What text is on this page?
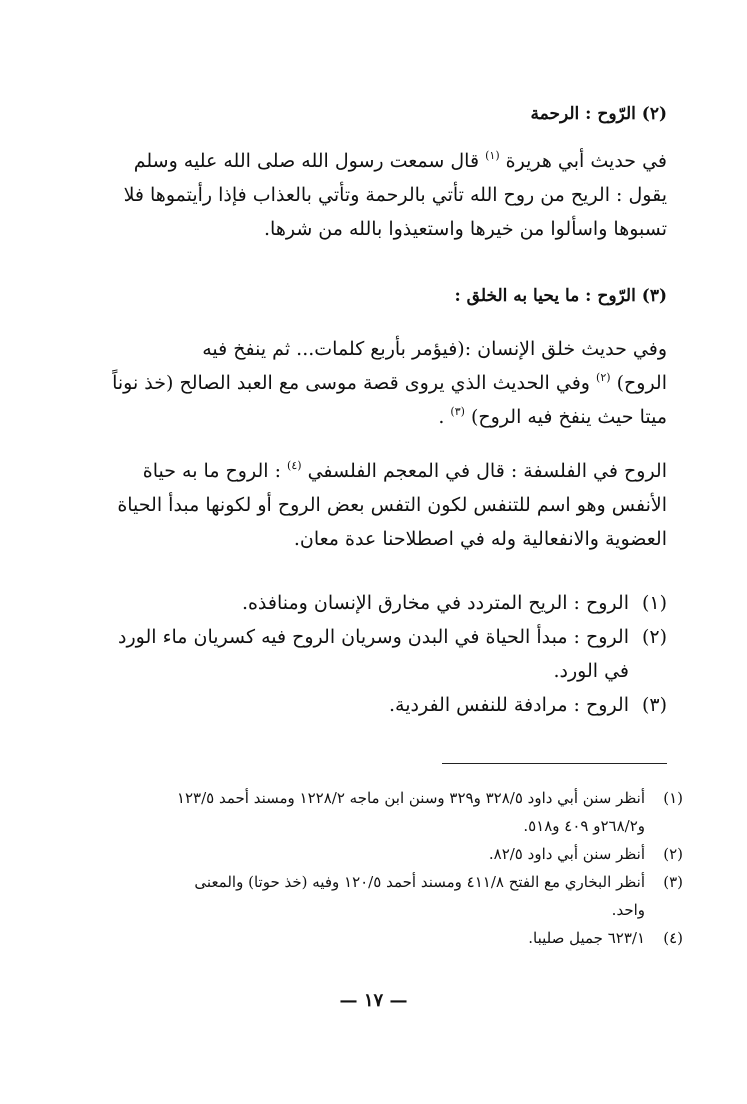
(٢) الرّوح : الرحمة
في حديث أبي هريرة $^{(١)}$ قال سمعت رسول الله صلى الله عليه وسلم
يقول : الريح من روح الله تأتي بالرحمة وتأتي بالعذاب فإذا رأيتموها فلا
تسبوها واسألوا من خيرها واستعيذوا بالله من شرها.
(٣) الرّوح : ما يحيا به الخلق :
وفي حديث خلق الإنسان :(فيؤمر بأربع كلمات... ثم ينفخ فيه
الروح) $^{(٢)}$ وفي الحديث الذي يروى قصة موسى مع العبد الصالح (خذ نوناً
ميتا حيث ينفخ فيه الروح) $^{(٣)}$ .
الروح في الفلسفة : قال في المعجم الفلسفي $^{(٤)}$ : الروح ما به حياة
الأنفس وهو اسم للتنفس لكون التفس بعض الروح أو لكونها مبدأ الحياة
العضوية والانفعالية وله في اصطلاحنا عدة معان.
(١)
الروح : الريح المتردد في مخارق الإنسان ومنافذه.
(٢)
الروح : مبدأ الحياة في البدن وسريان الروح فيه كسريان ماء الورد
في الورد.
(٣)
الروح : مرادفة للنفس الفردية.
(١)
أنظر سنن أبي داود ٣٢٨/٥ و٣٢٩ وسنن ابن ماجه ١٢٢٨/٢ ومسند أحمد ١٢٣/٥
و٢٦٨/٢و ٤٠٩ و٥١٨.
(٢)
أنظر سنن أبي داود ٨٢/٥.
(٣)
أنظر البخاري مع الفتح ٤١١/٨ ومسند أحمد ١٢٠/٥ وفيه (خذ حوتا) والمعنى
واحد.
(٤)
٦٢٣/١ جميل صليبا.
— ١٧ —
